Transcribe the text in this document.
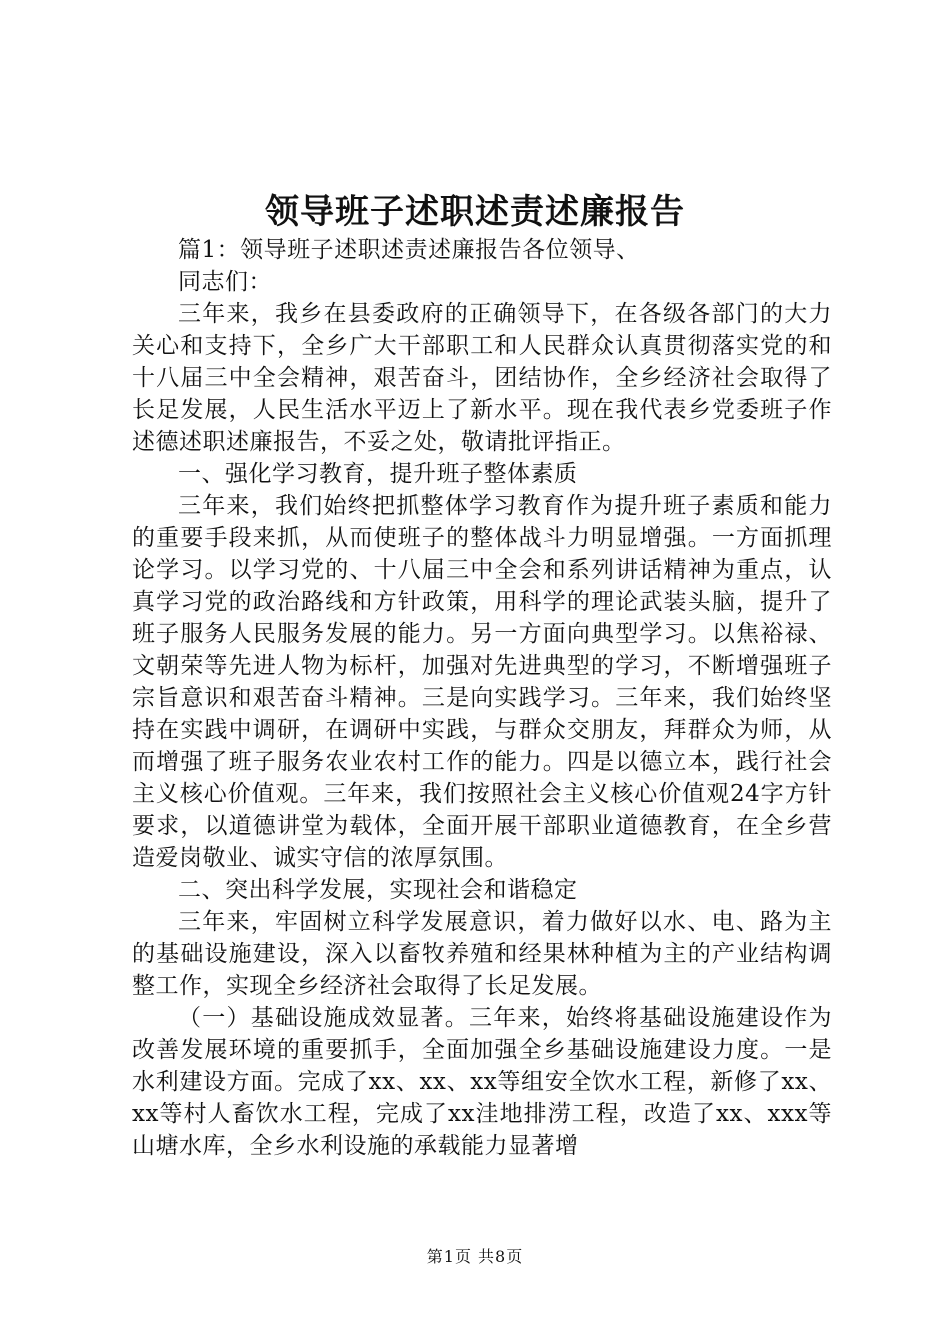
领导班子述职述责述廉报告

篇1：领导班子述职述责述廉报告各位领导、

同志们：

三年来，我乡在县委政府的正确领导下，在各级各部门的大力关心和支持下，全乡广大干部职工和人民群众认真贯彻落实党的和十八届三中全会精神，艰苦奋斗，团结协作，全乡经济社会取得了长足发展，人民生活水平迈上了新水平。现在我代表乡党委班子作述德述职述廉报告，不妥之处，敬请批评指正。

一、强化学习教育，提升班子整体素质

三年来，我们始终把抓整体学习教育作为提升班子素质和能力的重要手段来抓，从而使班子的整体战斗力明显增强。一方面抓理论学习。以学习党的、十八届三中全会和系列讲话精神为重点，认真学习党的政治路线和方针政策，用科学的理论武装头脑，提升了班子服务人民服务发展的能力。另一方面向典型学习。以焦裕禄、文朝荣等先进人物为标杆，加强对先进典型的学习，不断增强班子宗旨意识和艰苦奋斗精神。三是向实践学习。三年来，我们始终坚持在实践中调研，在调研中实践，与群众交朋友，拜群众为师，从而增强了班子服务农业农村工作的能力。四是以德立本，践行社会主义核心价值观。三年来，我们按照社会主义核心价值观24字方针要求，以道德讲堂为载体，全面开展干部职业道德教育，在全乡营造爱岗敬业、诚实守信的浓厚氛围。

二、突出科学发展，实现社会和谐稳定

三年来，牢固树立科学发展意识，着力做好以水、电、路为主的基础设施建设，深入以畜牧养殖和经果林种植为主的产业结构调整工作，实现全乡经济社会取得了长足发展。

（一）基础设施成效显著。三年来，始终将基础设施建设作为改善发展环境的重要抓手，全面加强全乡基础设施建设力度。一是水利建设方面。完成了xx、xx、xx等组安全饮水工程，新修了xx、xx等村人畜饮水工程，完成了xx洼地排涝工程，改造了xx、xxx等山塘水库，全乡水利设施的承载能力显著增

第1页 共8页
